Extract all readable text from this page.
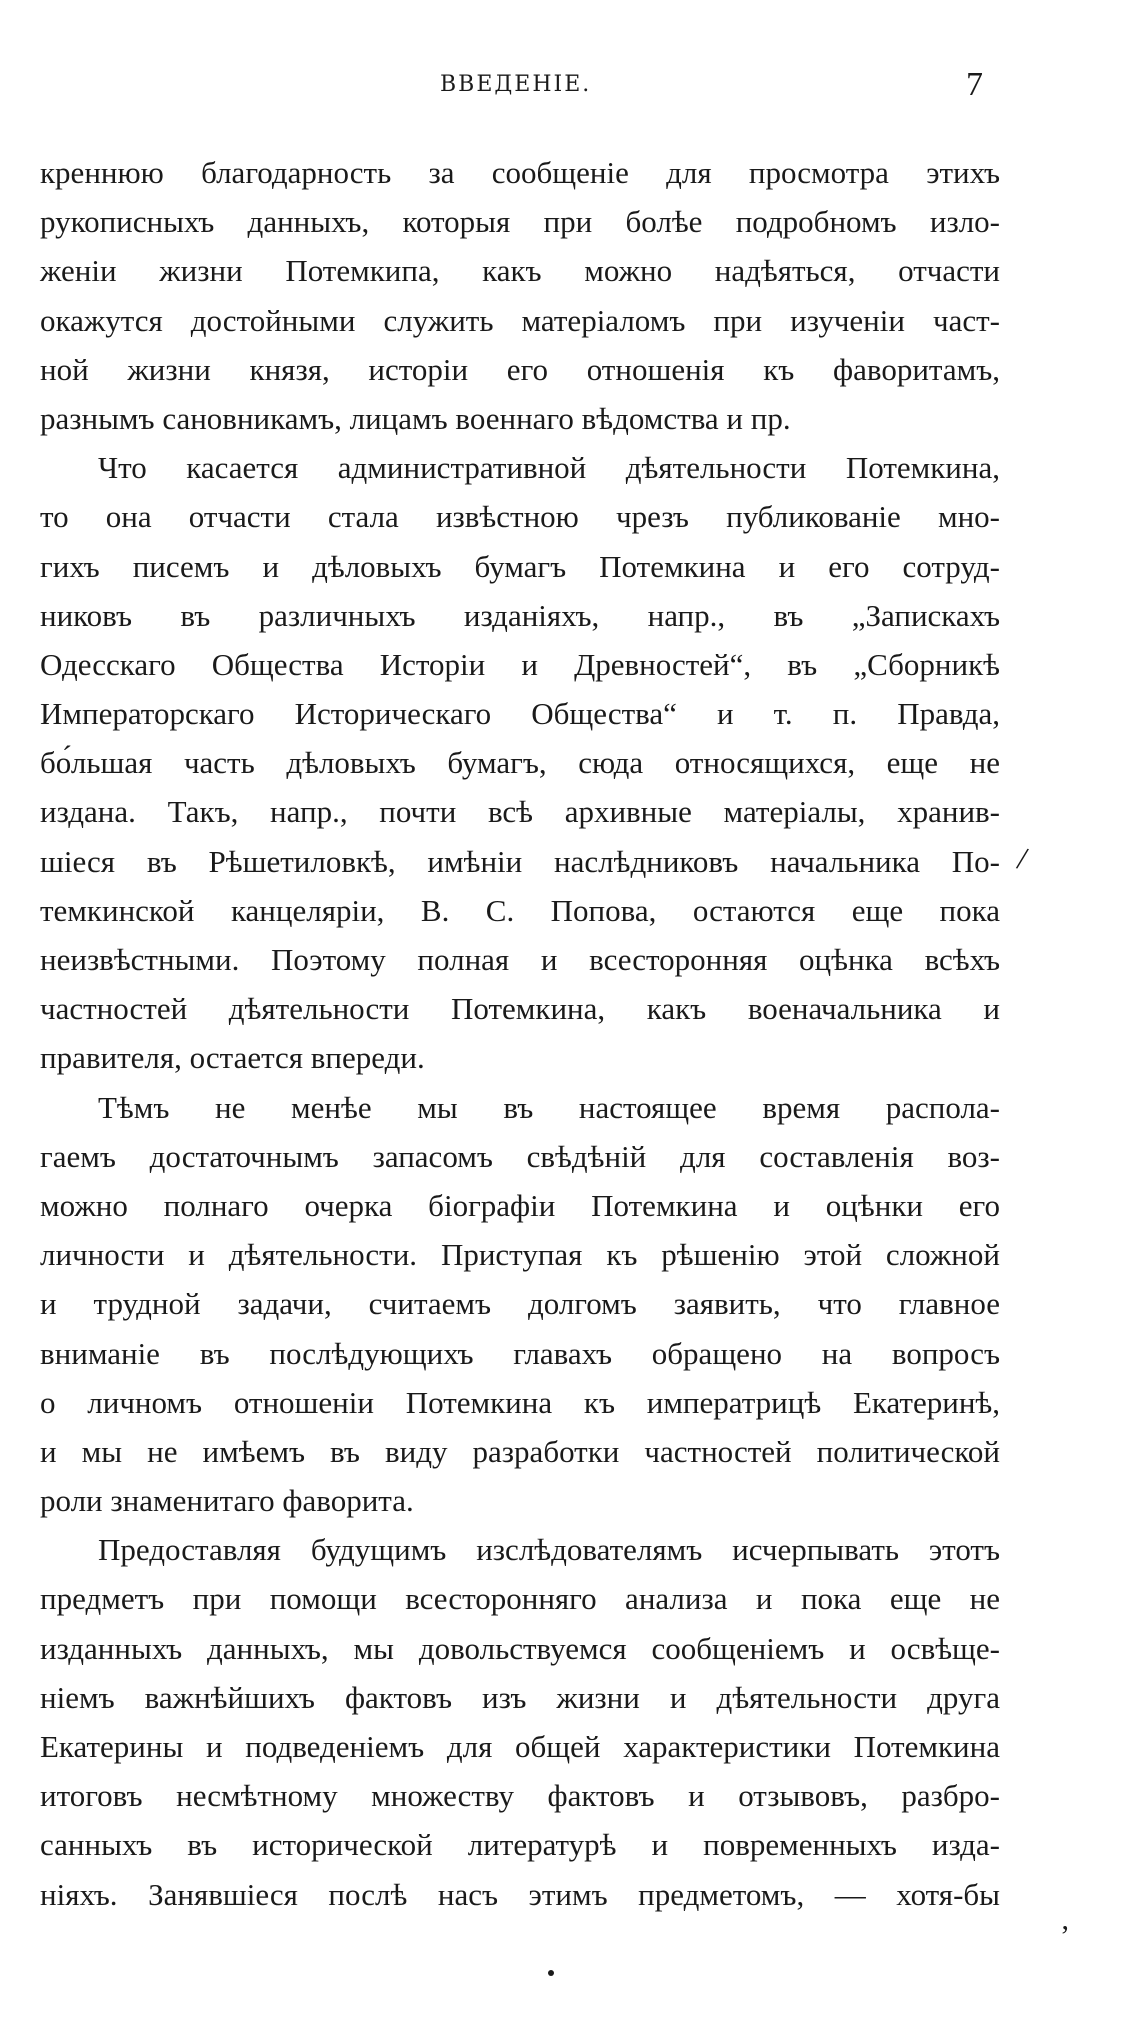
ВВЕДЕНІЕ.	7
креннюю благодарность за сообщеніе для просмотра этихъ
рукописныхъ данныхъ, которыя при болѣе подробномъ изло-
женіи жизни Потемкипа, какъ можно надѣяться, отчасти
окажутся достойными служить матеріаломъ при изученіи част-
ной жизни князя, исторіи его отношенія къ фаворитамъ,
разнымъ сановникамъ, лицамъ военнаго вѣдомства и пр.
Что касается административной дѣятельности Потемкина,
то она отчасти стала извѣстною чрезъ публикованіе мно-
гихъ писемъ и дѣловыхъ бумагъ Потемкина и его сотруд-
никовъ въ различныхъ изданіяхъ, напр., въ „Запискахъ
Одесскаго Общества Исторіи и Древностей“, въ „Сборникѣ
Императорскаго Историческаго Общества“ и т. п. Правда,
бо́льшая часть дѣловыхъ бумагъ, сюда относящихся, еще не
издана. Такъ, напр., почти всѣ архивные матеріалы, хранив-
шіеся въ Рѣшетиловкѣ, имѣніи наслѣдниковъ начальника По-
темкинской канцеляріи, В. С. Попова, остаются еще пока
неизвѣстными. Поэтому полная и всесторонняя оцѣнка всѣхъ
частностей дѣятельности Потемкина, какъ военачальника и
правителя, остается впереди.
Тѣмъ не менѣе мы въ настоящее время распола-
гаемъ достаточнымъ запасомъ свѣдѣній для составленія воз-
можно полнаго очерка біографіи Потемкина и оцѣнки его
личности и дѣятельности. Приступая къ рѣшенію этой сложной
и трудной задачи, считаемъ долгомъ заявить, что главное
вниманіе въ послѣдующихъ главахъ обращено на вопросъ
о личномъ отношеніи Потемкина къ императрицѣ Екатеринѣ,
и мы не имѣемъ въ виду разработки частностей политической
роли знаменитаго фаворита.
Предоставляя будущимъ изслѣдователямъ исчерпывать этотъ
предметъ при помощи всесторонняго анализа и пока еще не
изданныхъ данныхъ, мы довольствуемся сообщеніемъ и освѣще-
ніемъ важнѣйшихъ фактовъ изъ жизни и дѣятельности друга
Екатерины и подведеніемъ для общей характеристики Потемкина
итоговъ несмѣтному множеству фактовъ и отзывовъ, разбро-
санныхъ въ исторической литературѣ и повременныхъ изда-
ніяхъ. Занявшіеся послѣ насъ этимъ предметомъ, — хотя-бы
/
ʼ
